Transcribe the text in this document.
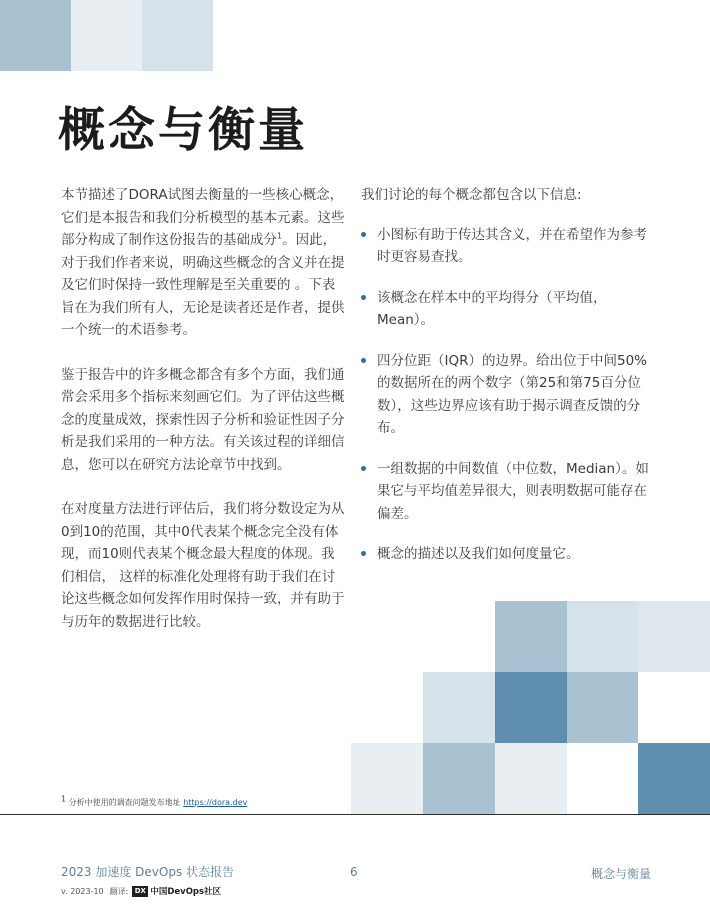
概念与衡量

本节描述了DORA试图去衡量的一些核心概念，它们是本报告和我们分析模型的基本元素。这些部分构成了制作这份报告的基础成分$^1$。因此，对于我们作者来说，明确这些概念的含义并在提及它们时保持一致性理解是至关重要的 。下表旨在为我们所有人，无论是读者还是作者，提供一个统一的术语参考。

鉴于报告中的许多概念都含有多个方面，我们通常会采用多个指标来刻画它们。为了评估这些概念的度量成效，探索性因子分析和验证性因子分析是我们采用的一种方法。有关该过程的详细信息，您可以在研究方法论章节中找到。

在对度量方法进行评估后，我们将分数设定为从0到10的范围，其中0代表某个概念完全没有体现，而10则代表某个概念最大程度的体现。我们相信， 这样的标准化处理将有助于我们在讨论这些概念如何发挥作用时保持一致，并有助于与历年的数据进行比较。

我们讨论的每个概念都包含以下信息:

小图标有助于传达其含义，并在希望作为参考时更容易查找。
该概念在样本中的平均得分（平均值，Mean）。
四分位距（IQR）的边界。给出位于中间50%的数据所在的两个数字（第25和第75百分位数），这些边界应该有助于揭示调查反馈的分布。
一组数据的中间数值（中位数，Median）。如果它与平均值差异很大，则表明数据可能存在偏差。
概念的描述以及我们如何度量它。
$^1$ 分析中使用的调查问题发布地址 https://dora.dev
2023 加速度 DevOps 状态报告
v. 2023-10 翻译: DX 中国DevOps社区
6	概念与衡量
